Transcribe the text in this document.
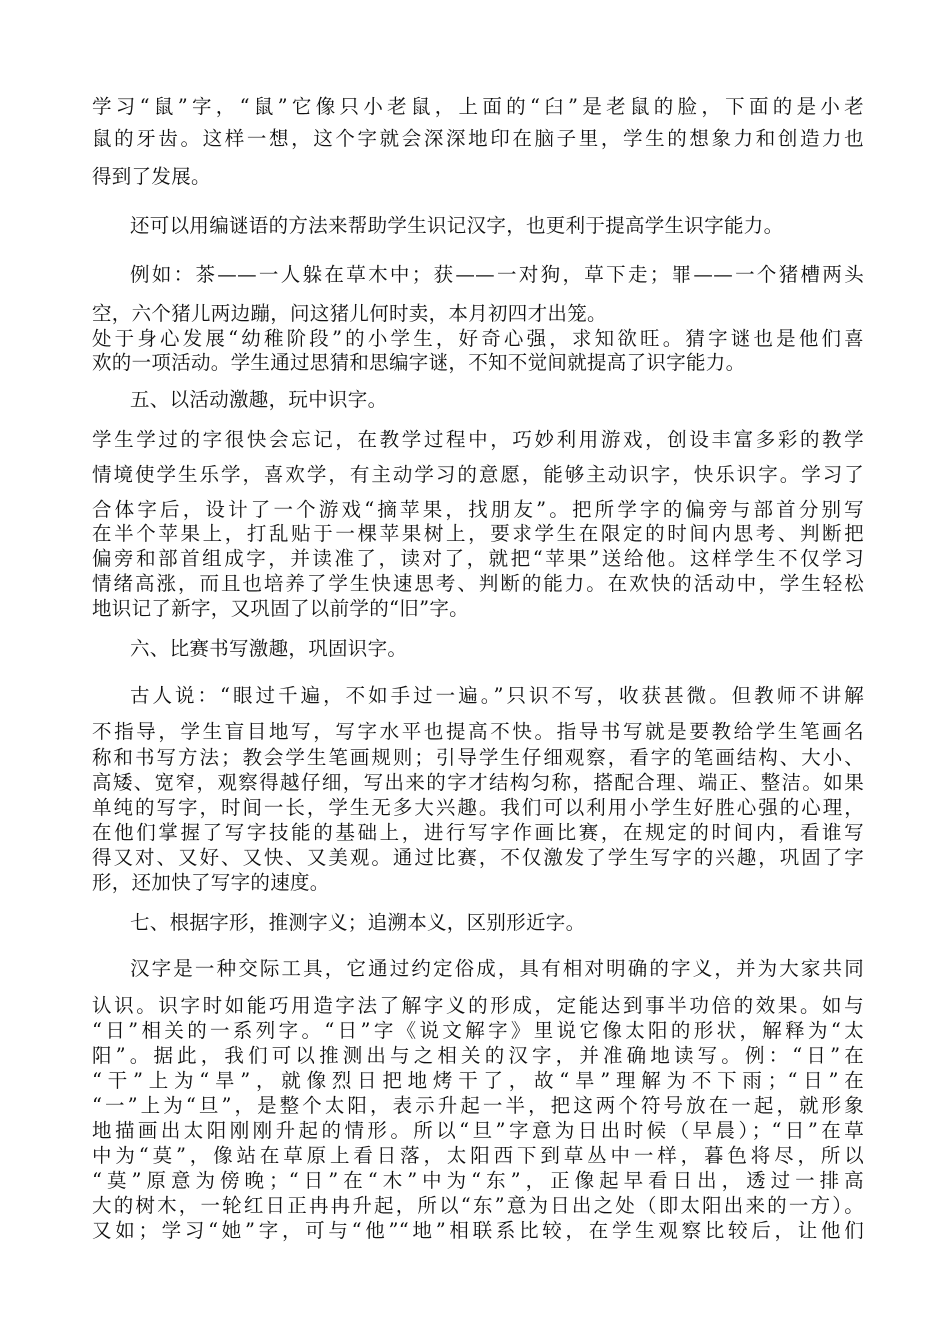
学习“鼠”字，“鼠”它像只小老鼠，上面的“臼”是老鼠的脸，下面的是小老
鼠的牙齿。这样一想，这个字就会深深地印在脑子里，学生的想象力和创造力也
得到了发展。
还可以用编谜语的方法来帮助学生识记汉字，也更利于提高学生识字能力。
例如：茶——一人躲在草木中；获——一对狗，草下走；罪——一个猪槽两头
空，六个猪儿两边蹦，问这猪儿何时卖，本月初四才出笼。
处于身心发展“幼稚阶段”的小学生，好奇心强，求知欲旺。猜字谜也是他们喜
欢的一项活动。学生通过思猜和思编字谜，不知不觉间就提高了识字能力。
五、以活动激趣，玩中识字。
学生学过的字很快会忘记，在教学过程中，巧妙利用游戏，创设丰富多彩的教学
情境使学生乐学，喜欢学，有主动学习的意愿，能够主动识字，快乐识字。学习了
合体字后，设计了一个游戏“摘苹果，找朋友”。把所学字的偏旁与部首分别写
在半个苹果上，打乱贴于一棵苹果树上，要求学生在限定的时间内思考、判断把
偏旁和部首组成字，并读准了，读对了，就把“苹果”送给他。这样学生不仅学习
情绪高涨，而且也培养了学生快速思考、判断的能力。在欢快的活动中，学生轻松
地识记了新字，又巩固了以前学的“旧”字。
六、比赛书写激趣，巩固识字。
古人说：“眼过千遍，不如手过一遍。”只识不写，收获甚微。但教师不讲解
不指导，学生盲目地写，写字水平也提高不快。指导书写就是要教给学生笔画名
称和书写方法；教会学生笔画规则；引导学生仔细观察，看字的笔画结构、大小、
高矮、宽窄，观察得越仔细，写出来的字才结构匀称，搭配合理、端正、整洁。如果
单纯的写字，时间一长，学生无多大兴趣。我们可以利用小学生好胜心强的心理，
在他们掌握了写字技能的基础上，进行写字作画比赛，在规定的时间内，看谁写
得又对、又好、又快、又美观。通过比赛，不仅激发了学生写字的兴趣，巩固了字
形，还加快了写字的速度。
七、根据字形，推测字义；追溯本义，区别形近字。
汉字是一种交际工具，它通过约定俗成，具有相对明确的字义，并为大家共同
认识。识字时如能巧用造字法了解字义的形成，定能达到事半功倍的效果。如与
“日”相关的一系列字。“日”字《说文解字》里说它像太阳的形状，解释为“太
阳”。据此，我们可以推测出与之相关的汉字，并准确地读写。例：“日”在
“干”上为“旱”，就像烈日把地烤干了，故“旱”理解为不下雨；“日”在
“一”上为“旦”，是整个太阳，表示升起一半，把这两个符号放在一起，就形象
地描画出太阳刚刚升起的情形。所以“旦”字意为日出时候（早晨）；“日”在草
中为“莫”，像站在草原上看日落，太阳西下到草丛中一样，暮色将尽，所以
“莫”原意为傍晚；“日”在“木”中为“东”，正像起早看日出，透过一排高
大的树木，一轮红日正冉冉升起，所以“东”意为日出之处（即太阳出来的一方）。
又如；学习“她”字，可与“他”“地”相联系比较，在学生观察比较后，让他们
